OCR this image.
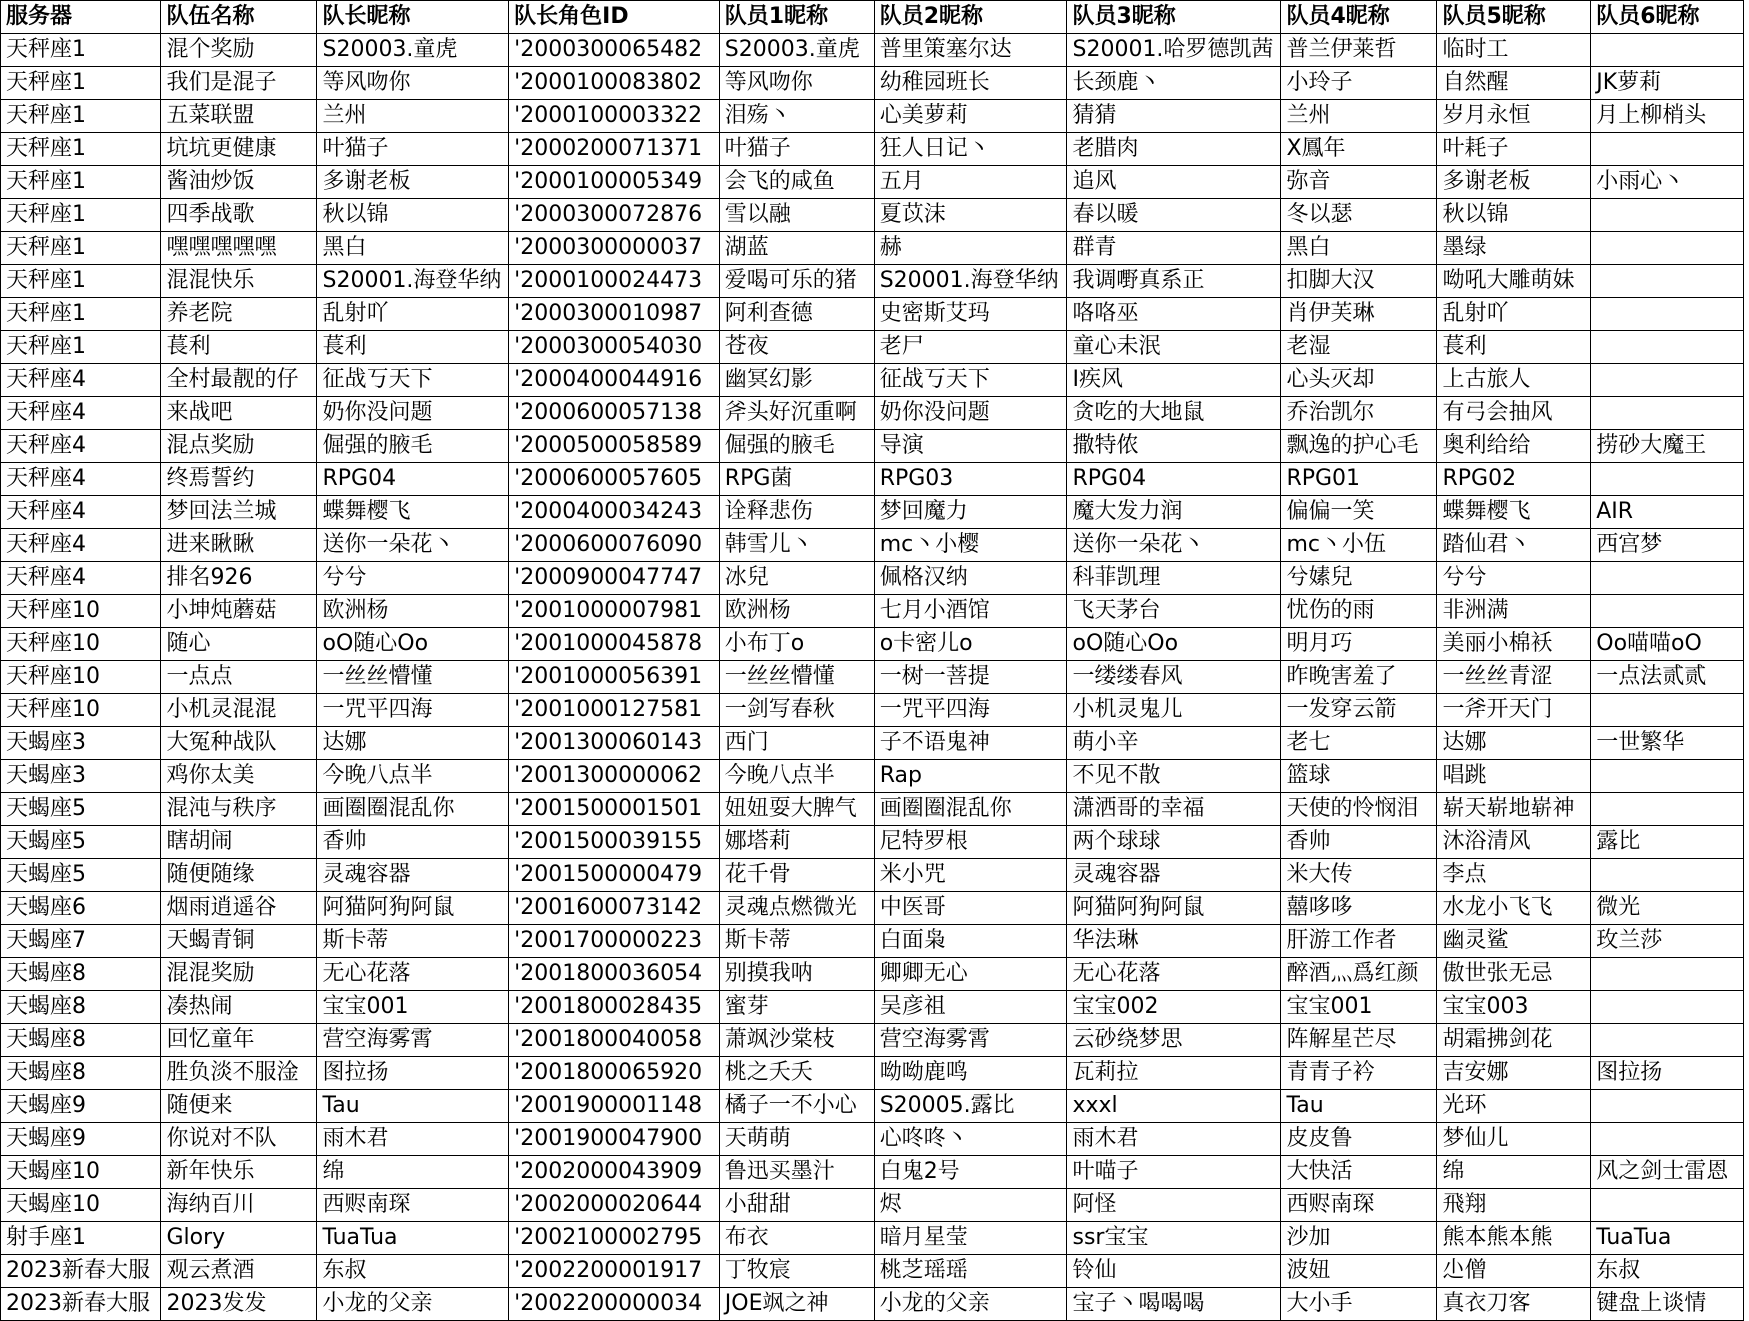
服务器	队伍名称	队长昵称	队长角色ID	队员1昵称	队员2昵称	队员3昵称	队员4昵称	队员5昵称	队员6昵称
天秤座1	混个奖励	S20003.童虎	'2000300065482	S20003.童虎	普里策塞尔达	S20001.哈罗德凯茜	普兰伊莱哲	临时工	
天秤座1	我们是混子	等风吻你	'2000100083802	等风吻你	幼稚园班长	长颈鹿丶	小玲子	自然醒	JK萝莉
天秤座1	五菜联盟	兰州	'2000100003322	泪殇丶	心美萝莉	猜猜	兰州	岁月永恒	月上柳梢头
天秤座1	坑坑更健康	叶猫子	'2000200071371	叶猫子	狂人日记丶	老腊肉	X鳳年	叶耗子	
天秤座1	酱油炒饭	多谢老板	'2000100005349	会飞的咸鱼	五月	追风	弥音	多谢老板	小雨心丶
天秤座1	四季战歌	秋以锦	'2000300072876	雪以融	夏苡沫	春以暖	冬以瑟	秋以锦	
天秤座1	嘿嘿嘿嘿嘿	黑白	'2000300000037	湖蓝	赫	群青	黑白	墨绿	
天秤座1	混混快乐	S20001.海登华纳	'2000100024473	爱喝可乐的猪	S20001.海登华纳	我调嘢真系正	扣脚大汉	呦吼大雕萌妹	
天秤座1	养老院	乱射吖	'2000300010987	阿利查德	史密斯艾玛	咯咯巫	肖伊芙琳	乱射吖	
天秤座1	萇利	萇利	'2000300054030	苍夜	老尸	童心未泯	老湿	萇利	
天秤座4	全村最靓的仔	征战丂天下	'2000400044916	幽冥幻影	征战丂天下	I疾风	心头灭却	上古旅人	
天秤座4	来战吧	奶你没问题	'2000600057138	斧头好沉重啊	奶你没问题	贪吃的大地鼠	乔治凯尔	有弓会抽风	
天秤座4	混点奖励	倔强的腋毛	'2000500058589	倔强的腋毛	导演	撒特侬	飘逸的护心毛	奥利给给	捞砂大魔王
天秤座4	终焉誓约	RPG04	'2000600057605	RPG菌	RPG03	RPG04	RPG01	RPG02	
天秤座4	梦回法兰城	蝶舞樱飞	'2000400034243	诠释悲伤	梦回魔力	魔大发力润	偏偏一笑	蝶舞樱飞	AIR
天秤座4	进来瞅瞅	送你一朵花丶	'2000600076090	韩雪儿丶	mc丶小樱	送你一朵花丶	mc丶小伍	踏仙君丶	西宫梦
天秤座4	排名926	兮兮	'2000900047747	冰兒	佩格汉纳	科菲凯理	兮嫊兒	兮兮	
天秤座10	小坤炖蘑菇	欧洲杨	'2001000007981	欧洲杨	七月小酒馆	飞天茅台	忧伤的雨	非洲满	
天秤座10	随心	oO随心Oo	'2001000045878	小布丁o	o卡密儿o	oO随心Oo	明月巧	美丽小棉袄	Oo喵喵oO
天秤座10	一点点	一丝丝懵懂	'2001000056391	一丝丝懵懂	一树一菩提	一缕缕春风	昨晚害羞了	一丝丝青涩	一点法贰贰
天秤座10	小机灵混混	一咒平四海	'2001000127581	一剑写春秋	一咒平四海	小机灵鬼儿	一发穿云箭	一斧开天门	
天蝎座3	大冤种战队	达娜	'2001300060143	西门	子不语鬼神	萌小辛	老七	达娜	一世繁华
天蝎座3	鸡你太美	今晚八点半	'2001300000062	今晚八点半	Rap	不见不散	篮球	唱跳	
天蝎座5	混沌与秩序	画圈圈混乱你	'2001500001501	妞妞耍大脾气	画圈圈混乱你	潇洒哥的幸福	天使的怜悯泪	崭天崭地崭神	
天蝎座5	瞎胡闹	香帅	'2001500039155	娜塔莉	尼特罗根	两个球球	香帅	沐浴清风	露比
天蝎座5	随便随缘	灵魂容器	'2001500000479	花千骨	米小咒	灵魂容器	米大传	李点	
天蝎座6	烟雨逍遥谷	阿猫阿狗阿鼠	'2001600073142	灵魂点燃微光	中医哥	阿猫阿狗阿鼠	囍哆哆	水龙小飞飞	微光
天蝎座7	天蝎青铜	斯卡蒂	'2001700000223	斯卡蒂	白面枭	华法琳	肝游工作者	幽灵鲨	玫兰莎
天蝎座8	混混奖励	无心花落	'2001800036054	别摸我呐	卿卿无心	无心花落	醉酒灬爲红颜	傲世张无忌	
天蝎座8	凑热闹	宝宝001	'2001800028435	蜜芽	吴彦祖	宝宝002	宝宝001	宝宝003	
天蝎座8	回忆童年	营空海雾霄	'2001800040058	萧飒沙棠枝	营空海雾霄	云砂绕梦思	阵解星芒尽	胡霜拂剑花	
天蝎座8	胜负淡不服淦	图拉扬	'2001800065920	桃之夭夭	呦呦鹿鸣	瓦莉拉	青青子衿	吉安娜	图拉扬
天蝎座9	随便来	Tau	'2001900001148	橘子一不小心	S20005.露比	xxxl	Tau	光环	
天蝎座9	你说对不队	雨木君	'2001900047900	天萌萌	心咚咚丶	雨木君	皮皮鲁	梦仙儿	
天蝎座10	新年快乐	绵	'2002000043909	鲁迅买墨汁	白鬼2号	叶喵子	大快活	绵	风之剑士雷恩
天蝎座10	海纳百川	西赆南琛	'2002000020644	小甜甜	烬	阿怪	西赆南琛	飛翔	
射手座1	Glory	TuaTua	'2002100002795	布衣	暗月星莹	ssr宝宝	沙加	熊本熊本熊	TuaTua
2023新春大服	观云煮酒	东叔	'2002200001917	丁牧宸	桃芝瑶瑶	铃仙	波妞	尐僧	东叔
2023新春大服	2023发发	小龙的父亲	'2002200000034	JOE飒之神	小龙的父亲	宝子丶喝喝喝	大小手	真衣刀客	键盘上谈情
